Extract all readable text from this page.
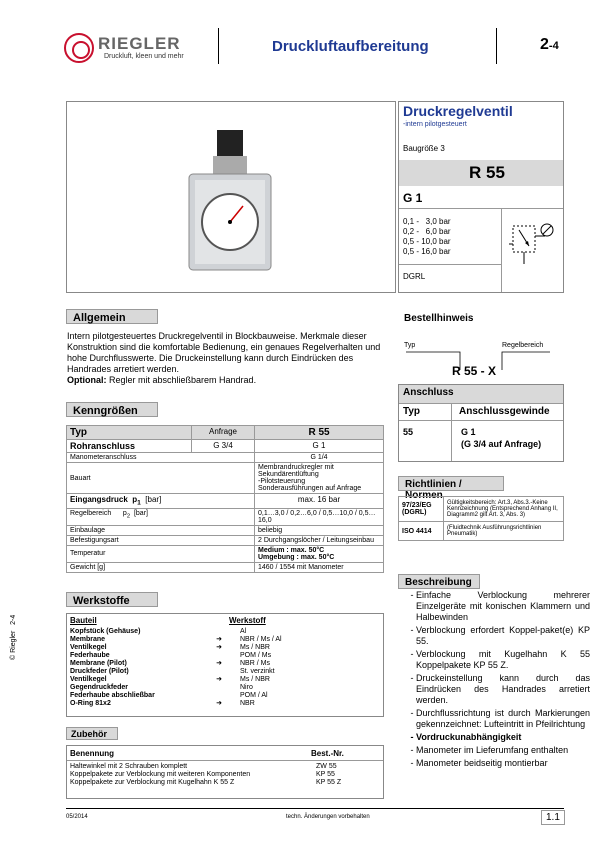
RIEGLER
Druckluft, kleen und mehr
Druckluftaufbereitung	2-4
Druckregelventil
-intern pilotgesteuert
Baugröße 3
R 55
G 1
0,1 -   3,0 bar
0,2 -   6,0 bar
0,5 - 10,0 bar
0,5 - 16,0 bar
DGRL
Allgemein
Intern pilotgesteuertes Druckregelventil in Blockbauweise. Merkmale dieser Konstruktion sind die komfortable Bedienung, ein genaues Regelverhalten und hohe Durchflusswerte. Die Druckeinstellung kann durch Eindrücken des Handrades arretiert werden.
Optional: Regler mit abschließbarem Handrad.
Kenngrößen
Typ	Anfrage	R 55
Rohranschluss	G 3/4	G 1
Manometeranschluss		G 1/4
Bauart		Membrandruckregler mit Sekundärentlüftung
-Pilotsteuerung
Sonderausführungen auf Anfrage
Eingangsdruck $p_1$ [bar]		max. 16 bar
Regelbereich $p_2$ [bar]		0,1…3,0 / 0,2…6,0 / 0,5…10,0 / 0,5…16,0
Einbaulage		beliebig
Befestigungsart		2 Durchgangslöcher / Leitungseinbau
Temperatur		Medium : max. 50°C
Umgebung : max. 50°C
Gewicht [g]		1460 / 1554 mit Manometer
Werkstoffe
Bauteil	Werkstoff
Kopfstück (Gehäuse)		Al
Membrane	➜	NBR / Ms / Al
Ventilkegel	➜	Ms / NBR
Federhaube		POM / Ms
Membrane (Pilot)	➜	NBR / Ms
Druckfeder (Pilot)		St. verzinkt
Ventilkegel	➜	Ms / NBR
Gegendruckfeder		Niro
Federhaube abschließbar		POM / Al
O-Ring 81x2	➜	NBR
Zubehör
Benennung	Best.-Nr.
Haltewinkel mit 2 Schrauben komplett	ZW 55
Koppelpakete zur Verblockung mit weiteren Komponenten	KP 55
Koppelpakete zur Verblockung mit Kugelhahn K 55 Z	KP 55 Z
Bestellhinweis
Typ	Regelbereich
R 55 - X
Anschluss
Typ	Anschlussgewinde
55	G 1
(G 3/4 auf Anfrage)
Richtlinien / Normen
97/23/EG
(DGRL)	Gültigkeitsbereich: Art.3, Abs.3.-Keine Kennzeichnung (Entsprechend Anhang II, Diagramm2 gilt Art. 3, Abs. 3)
ISO 4414	(Fluidtechnik Ausführungsrichtlinien Pneumatik)
Beschreibung
- Einfache Verblockung mehrerer Einzelgeräte mit konischen Klammern und Halbewinden
- Verblockung erfordert Koppel-paket(e) KP 55.
- Verblockung mit Kugelhahn K 55 Koppelpakete KP 55 Z.
- Druckeinstellung kann durch das Eindrücken des Handrades arretiert werden.
- Durchflussrichtung ist durch Markierungen gekennzeichnet: Lufteintritt in Pfeilrichtung
- Vordruckunabhängigkeit
- Manometer im Lieferumfang enthalten
- Manometer beidseitig montierbar
© Riegler   2-4
05/2014	techn. Änderungen vorbehalten	1.1
